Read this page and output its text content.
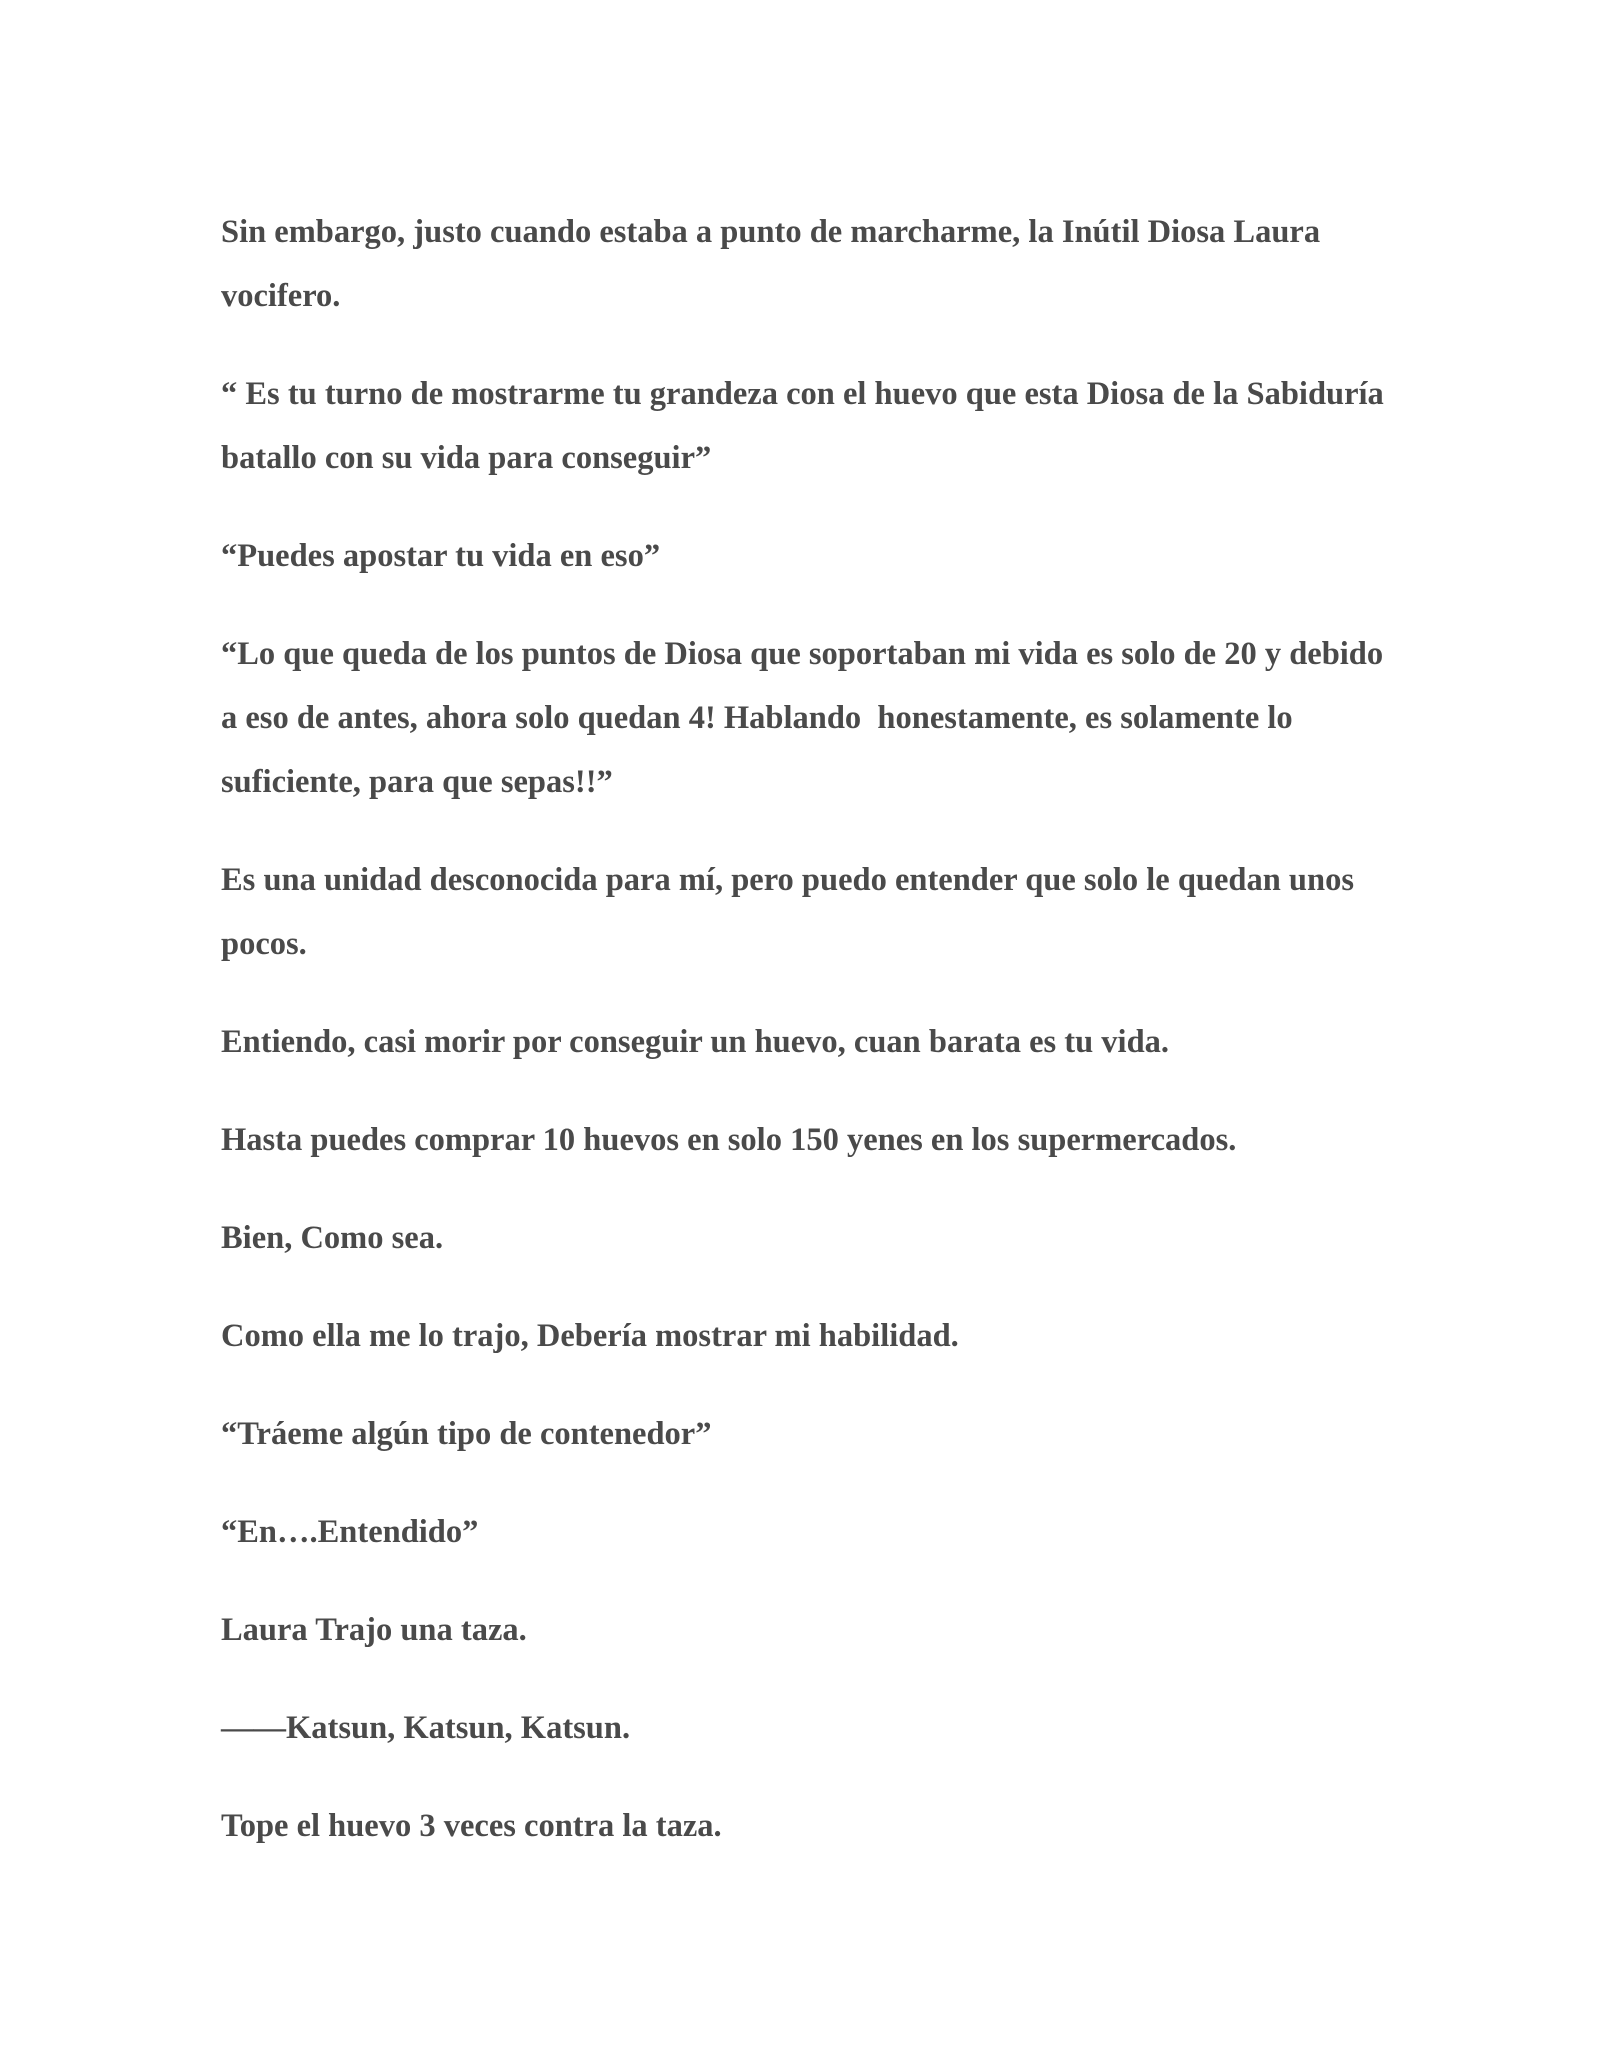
Sin embargo, justo cuando estaba a punto de marcharme, la Inútil Diosa Laura vocifero.

“ Es tu turno de mostrarme tu grandeza con el huevo que esta Diosa de la Sabiduría batallo con su vida para conseguir”

“Puedes apostar tu vida en eso”

“Lo que queda de los puntos de Diosa que soportaban mi vida es solo de 20 y debido a eso de antes, ahora solo quedan 4! Hablando  honestamente, es solamente lo suficiente, para que sepas!!”

Es una unidad desconocida para mí, pero puedo entender que solo le quedan unos pocos.

Entiendo, casi morir por conseguir un huevo, cuan barata es tu vida.

Hasta puedes comprar 10 huevos en solo 150 yenes en los supermercados.

Bien, Como sea.

Como ella me lo trajo, Debería mostrar mi habilidad.

“Tráeme algún tipo de contenedor”

“En….Entendido”

Laura Trajo una taza.

――Katsun, Katsun, Katsun.

Tope el huevo 3 veces contra la taza.
